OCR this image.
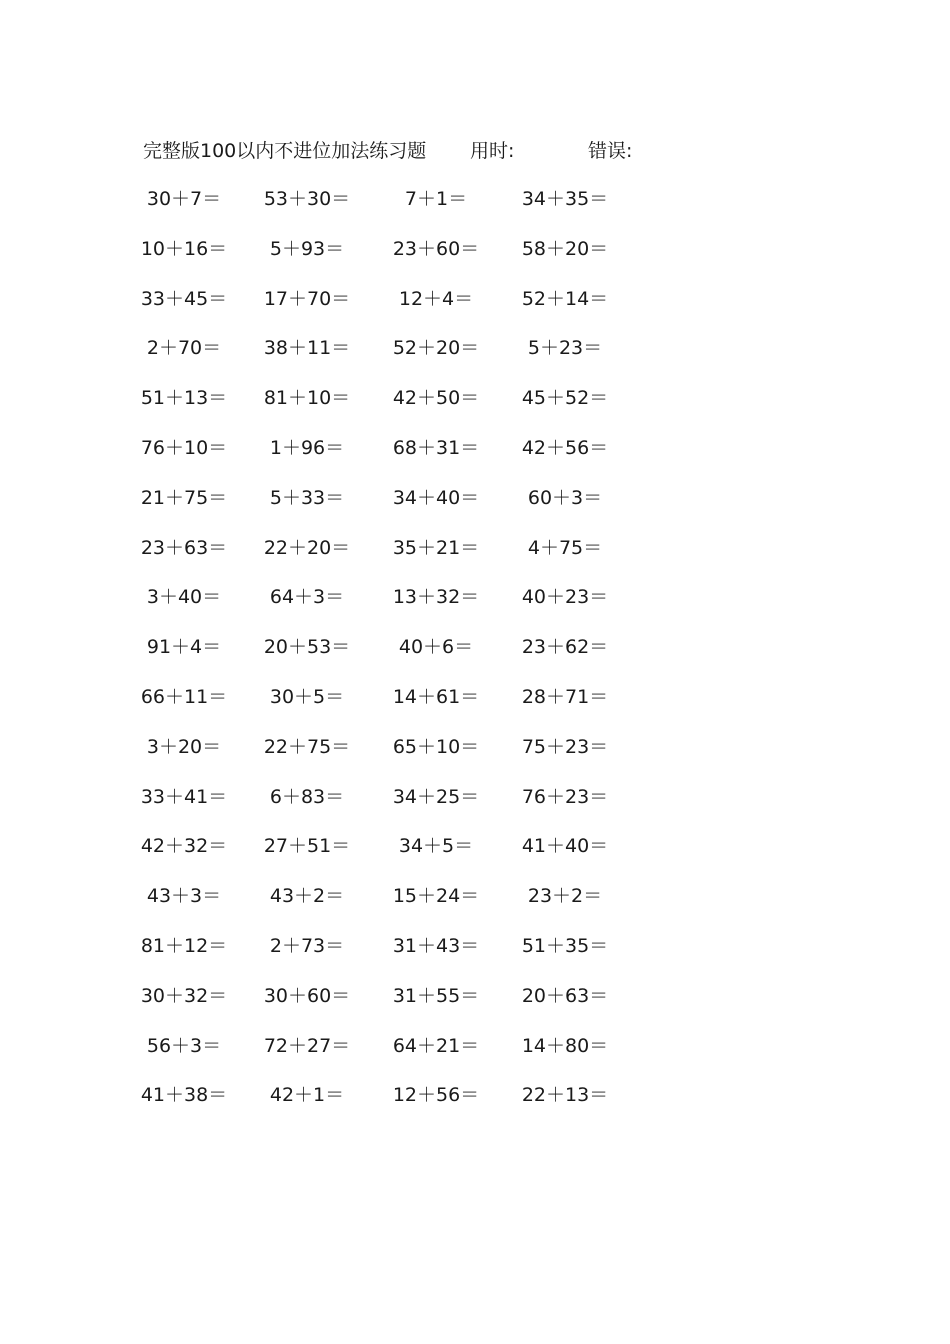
完整版100以内不进位加法练习题 用时:	错误:
30＋7＝	53＋30＝	7＋1＝	34＋35＝
10＋16＝	5＋93＝	23＋60＝	58＋20＝
33＋45＝	17＋70＝	12＋4＝	52＋14＝
2＋70＝	38＋11＝	52＋20＝	5＋23＝
51＋13＝	81＋10＝	42＋50＝	45＋52＝
76＋10＝	1＋96＝	68＋31＝	42＋56＝
21＋75＝	5＋33＝	34＋40＝	60＋3＝
23＋63＝	22＋20＝	35＋21＝	4＋75＝
3＋40＝	64＋3＝	13＋32＝	40＋23＝
91＋4＝	20＋53＝	40＋6＝	23＋62＝
66＋11＝	30＋5＝	14＋61＝	28＋71＝
3＋20＝	22＋75＝	65＋10＝	75＋23＝
33＋41＝	6＋83＝	34＋25＝	76＋23＝
42＋32＝	27＋51＝	34＋5＝	41＋40＝
43＋3＝	43＋2＝	15＋24＝	23＋2＝
81＋12＝	2＋73＝	31＋43＝	51＋35＝
30＋32＝	30＋60＝	31＋55＝	20＋63＝
56＋3＝	72＋27＝	64＋21＝	14＋80＝
41＋38＝	42＋1＝	12＋56＝	22＋13＝
